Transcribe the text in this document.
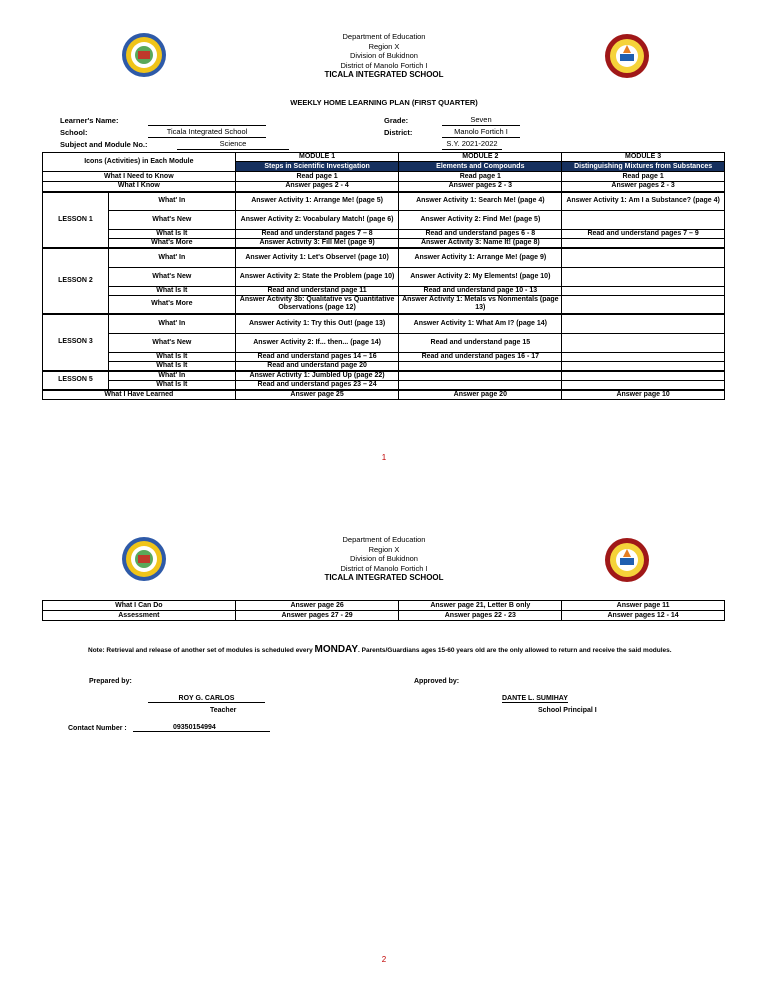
Department of Education
Region X
Division of Bukidnon
District of Manolo Fortich I
TICALA INTEGRATED SCHOOL
WEEKLY HOME LEARNING PLAN (FIRST QUARTER)
Learner's Name:
School:	Ticala Integrated School
Subject and Module No.:	Science
Grade:	Seven
District:	Manolo Fortich I
S.Y. 2021-2022
Icons (Activities) in Each Module		MODULE 1	MODULE 2	MODULE 3
		Steps in Scientific Investigation	Elements and Compounds	Distinguishing Mixtures from Substances
What I Need to Know		Read page 1	Read page 1	Read page 1
What I Know		Answer pages 2 - 4	Answer pages 2 - 3	Answer pages 2 - 3
LESSON 1	What' In	Answer Activity 1: Arrange Me! (page 5)	Answer Activity 1: Search Me! (page 4)	Answer Activity 1: Am I a Substance? (page 4)
	What's New	Answer Activity 2: Vocabulary Match! (page 6)	Answer Activity 2: Find Me! (page 5)	
	What Is It	Read and understand pages 7 – 8	Read and understand pages 6 - 8	Read and understand pages 7 – 9
	What's More	Answer Activity 3: Fill Me! (page 9)	Answer Activity 3: Name It! (page 8)	
LESSON 2	What' In	Answer Activity 1: Let's Observe! (page 10)	Answer Activity 1: Arrange Me! (page 9)	
	What's New	Answer Activity 2: State the Problem (page 10)	Answer Activity 2: My Elements! (page 10)	
	What Is It	Read and understand page 11	Read and understand page 10 - 13	
	What's More	Answer Activity 3b: Qualitative vs Quantitative Observations (page 12)	Answer Activity 1: Metals vs Nonmentals (page 13)	
LESSON 3	What' In	Answer Activity 1: Try this Out! (page 13)	Answer Activity 1: What Am I? (page 14)	
	What's New	Answer Activity 2: If... then... (page 14)	Read and understand page 15	
	What Is It	Read and understand pages 14 – 16	Read and understand pages 16 - 17	
	What Is It	Read and understand page 20		
LESSON 5	What' In	Answer Activity 1: Jumbled Up (page 22)		
	What Is It	Read and understand pages 23 – 24		
What I Have Learned		Answer page 25	Answer page 20	Answer page 10
1
Department of Education
Region X
Division of Bukidnon
District of Manolo Fortich I
TICALA INTEGRATED SCHOOL
What I Can Do	Answer page 26	Answer page 21, Letter B only	Answer page 11
Assessment	Answer pages 27 - 29	Answer pages 22 - 23	Answer pages 12 - 14
Note: Retrieval and release of another set of modules is scheduled every MONDAY. Parents/Guardians ages 15-60 years old are the only allowed to return and receive the said modules.
Prepared by:	Approved by:
ROY G. CARLOS
Teacher
DANTE L. SUMIHAY
School Principal I
Contact Number :	09350154994
2
